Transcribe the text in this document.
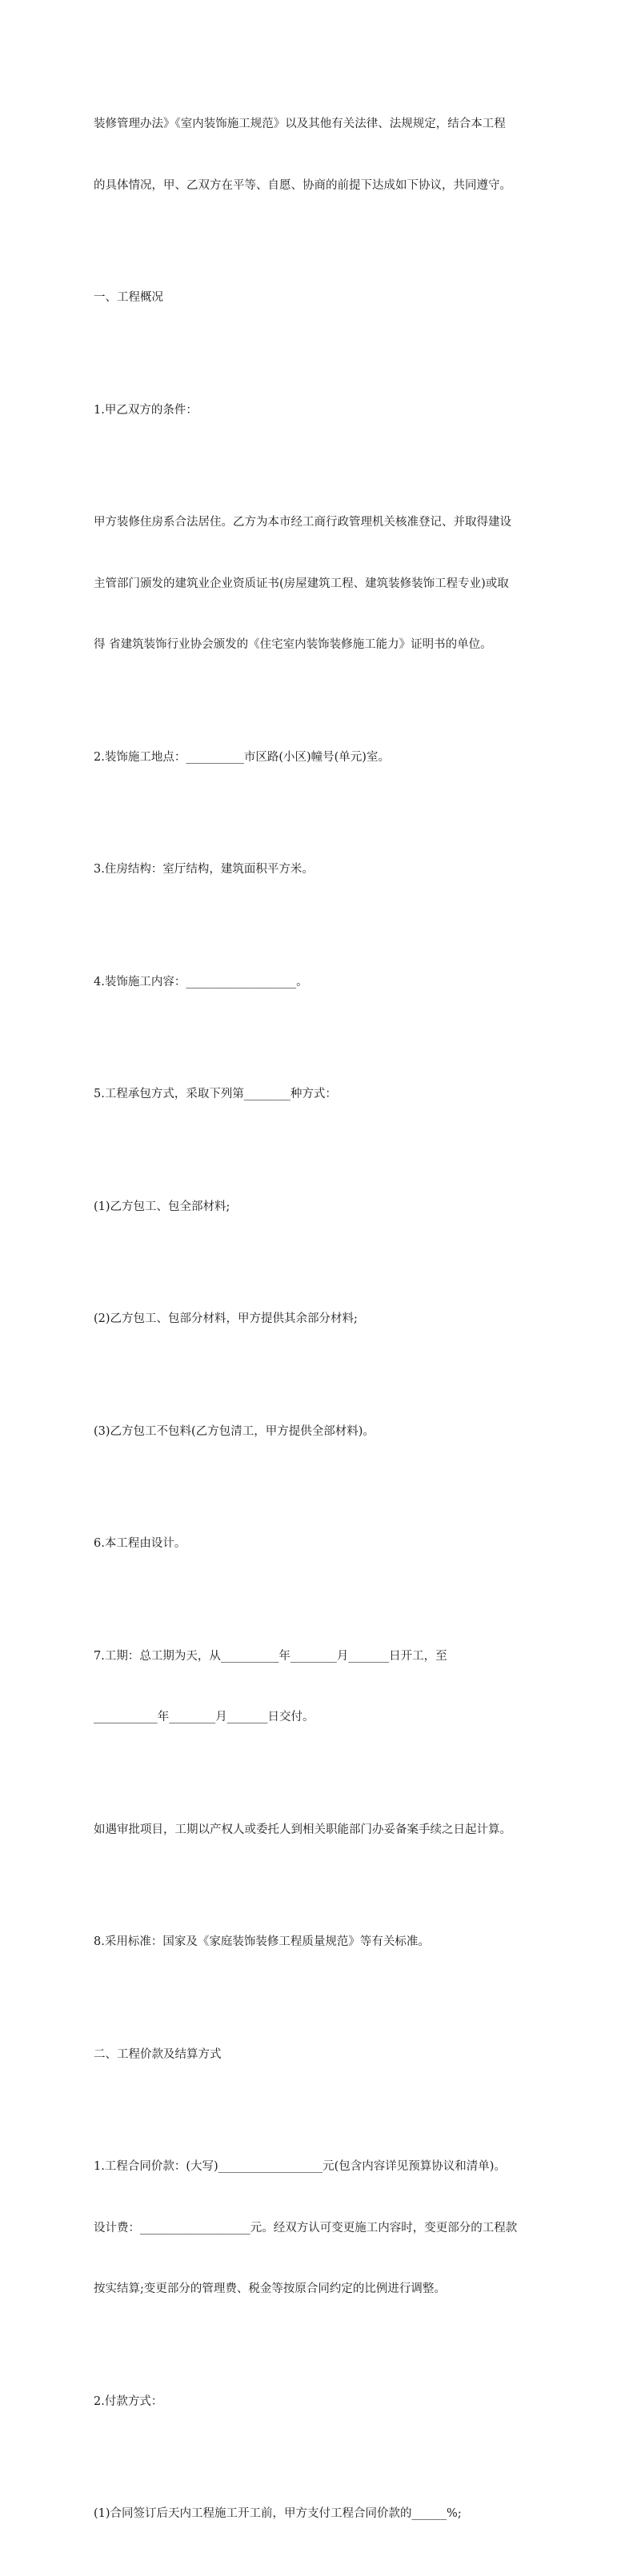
装修管理办法》《室内装饰施工规范》以及其他有关法律、法规规定，结合本工程

的具体情况，甲、乙双方在平等、自愿、协商的前提下达成如下协议，共同遵守。

一、工程概况

1.甲乙双方的条件：

甲方装修住房系合法居住。乙方为本市经工商行政管理机关核准登记、并取得建设

主管部门颁发的建筑业企业资质证书(房屋建筑工程、建筑装修装饰工程专业)或取

得 省建筑装饰行业协会颁发的《住宅室内装饰装修施工能力》证明书的单位。

2.装饰施工地点：__________市区路(小区)幢号(单元)室。

3.住房结构：室厅结构，建筑面积平方米。

4.装饰施工内容：___________________。

5.工程承包方式，采取下列第________种方式：

(1)乙方包工、包全部材料;

(2)乙方包工、包部分材料，甲方提供其余部分材料;

(3)乙方包工不包料(乙方包清工，甲方提供全部材料)。

6.本工程由设计。

7.工期：总工期为天，从__________年________月_______日开工，至

___________年________月_______日交付。

如遇审批项目，工期以产权人或委托人到相关职能部门办妥备案手续之日起计算。

8.采用标准：国家及《家庭装饰装修工程质量规范》等有关标准。

二、工程价款及结算方式

1.工程合同价款：(大写)__________________元(包含内容详见预算协议和清单)。

设计费：___________________元。经双方认可变更施工内容时，变更部分的工程款

按实结算;变更部分的管理费、税金等按原合同约定的比例进行调整。

2.付款方式：

(1)合同签订后天内工程施工开工前，甲方支付工程合同价款的______%;
